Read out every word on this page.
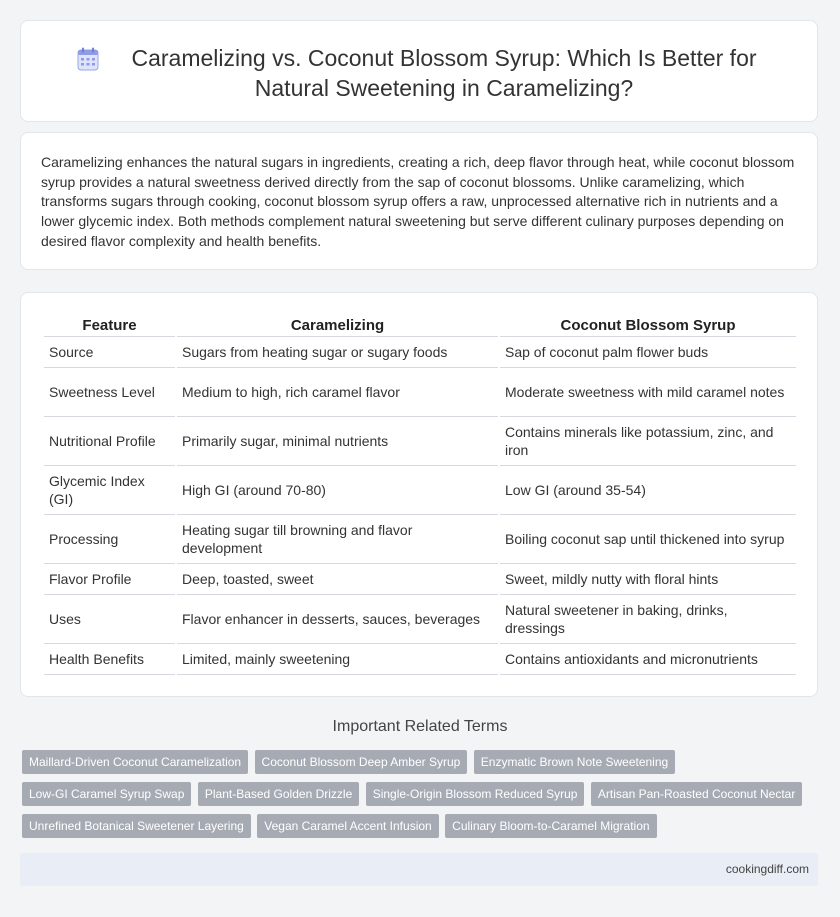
Caramelizing vs. Coconut Blossom Syrup: Which Is Better for Natural Sweetening in Caramelizing?

Caramelizing enhances the natural sugars in ingredients, creating a rich, deep flavor through heat, while coconut blossom syrup provides a natural sweetness derived directly from the sap of coconut blossoms. Unlike caramelizing, which transforms sugars through cooking, coconut blossom syrup offers a raw, unprocessed alternative rich in nutrients and a lower glycemic index. Both methods complement natural sweetening but serve different culinary purposes depending on desired flavor complexity and health benefits.

Feature	Caramelizing	Coconut Blossom Syrup
Source	Sugars from heating sugar or sugary foods	Sap of coconut palm flower buds
Sweetness Level	Medium to high, rich caramel flavor	Moderate sweetness with mild caramel notes
Nutritional Profile	Primarily sugar, minimal nutrients	Contains minerals like potassium, zinc, and iron
Glycemic Index (GI)	High GI (around 70-80)	Low GI (around 35-54)
Processing	Heating sugar till browning and flavor development	Boiling coconut sap until thickened into syrup
Flavor Profile	Deep, toasted, sweet	Sweet, mildly nutty with floral hints
Uses	Flavor enhancer in desserts, sauces, beverages	Natural sweetener in baking, drinks, dressings
Health Benefits	Limited, mainly sweetening	Contains antioxidants and micronutrients
Important Related Terms
Maillard-Driven Coconut Caramelization Coconut Blossom Deep Amber Syrup Enzymatic Brown Note Sweetening Low-GI Caramel Syrup Swap Plant-Based Golden Drizzle Single-Origin Blossom Reduced Syrup Artisan Pan-Roasted Coconut Nectar Unrefined Botanical Sweetener Layering Vegan Caramel Accent Infusion Culinary Bloom-to-Caramel Migration
cookingdiff.com
